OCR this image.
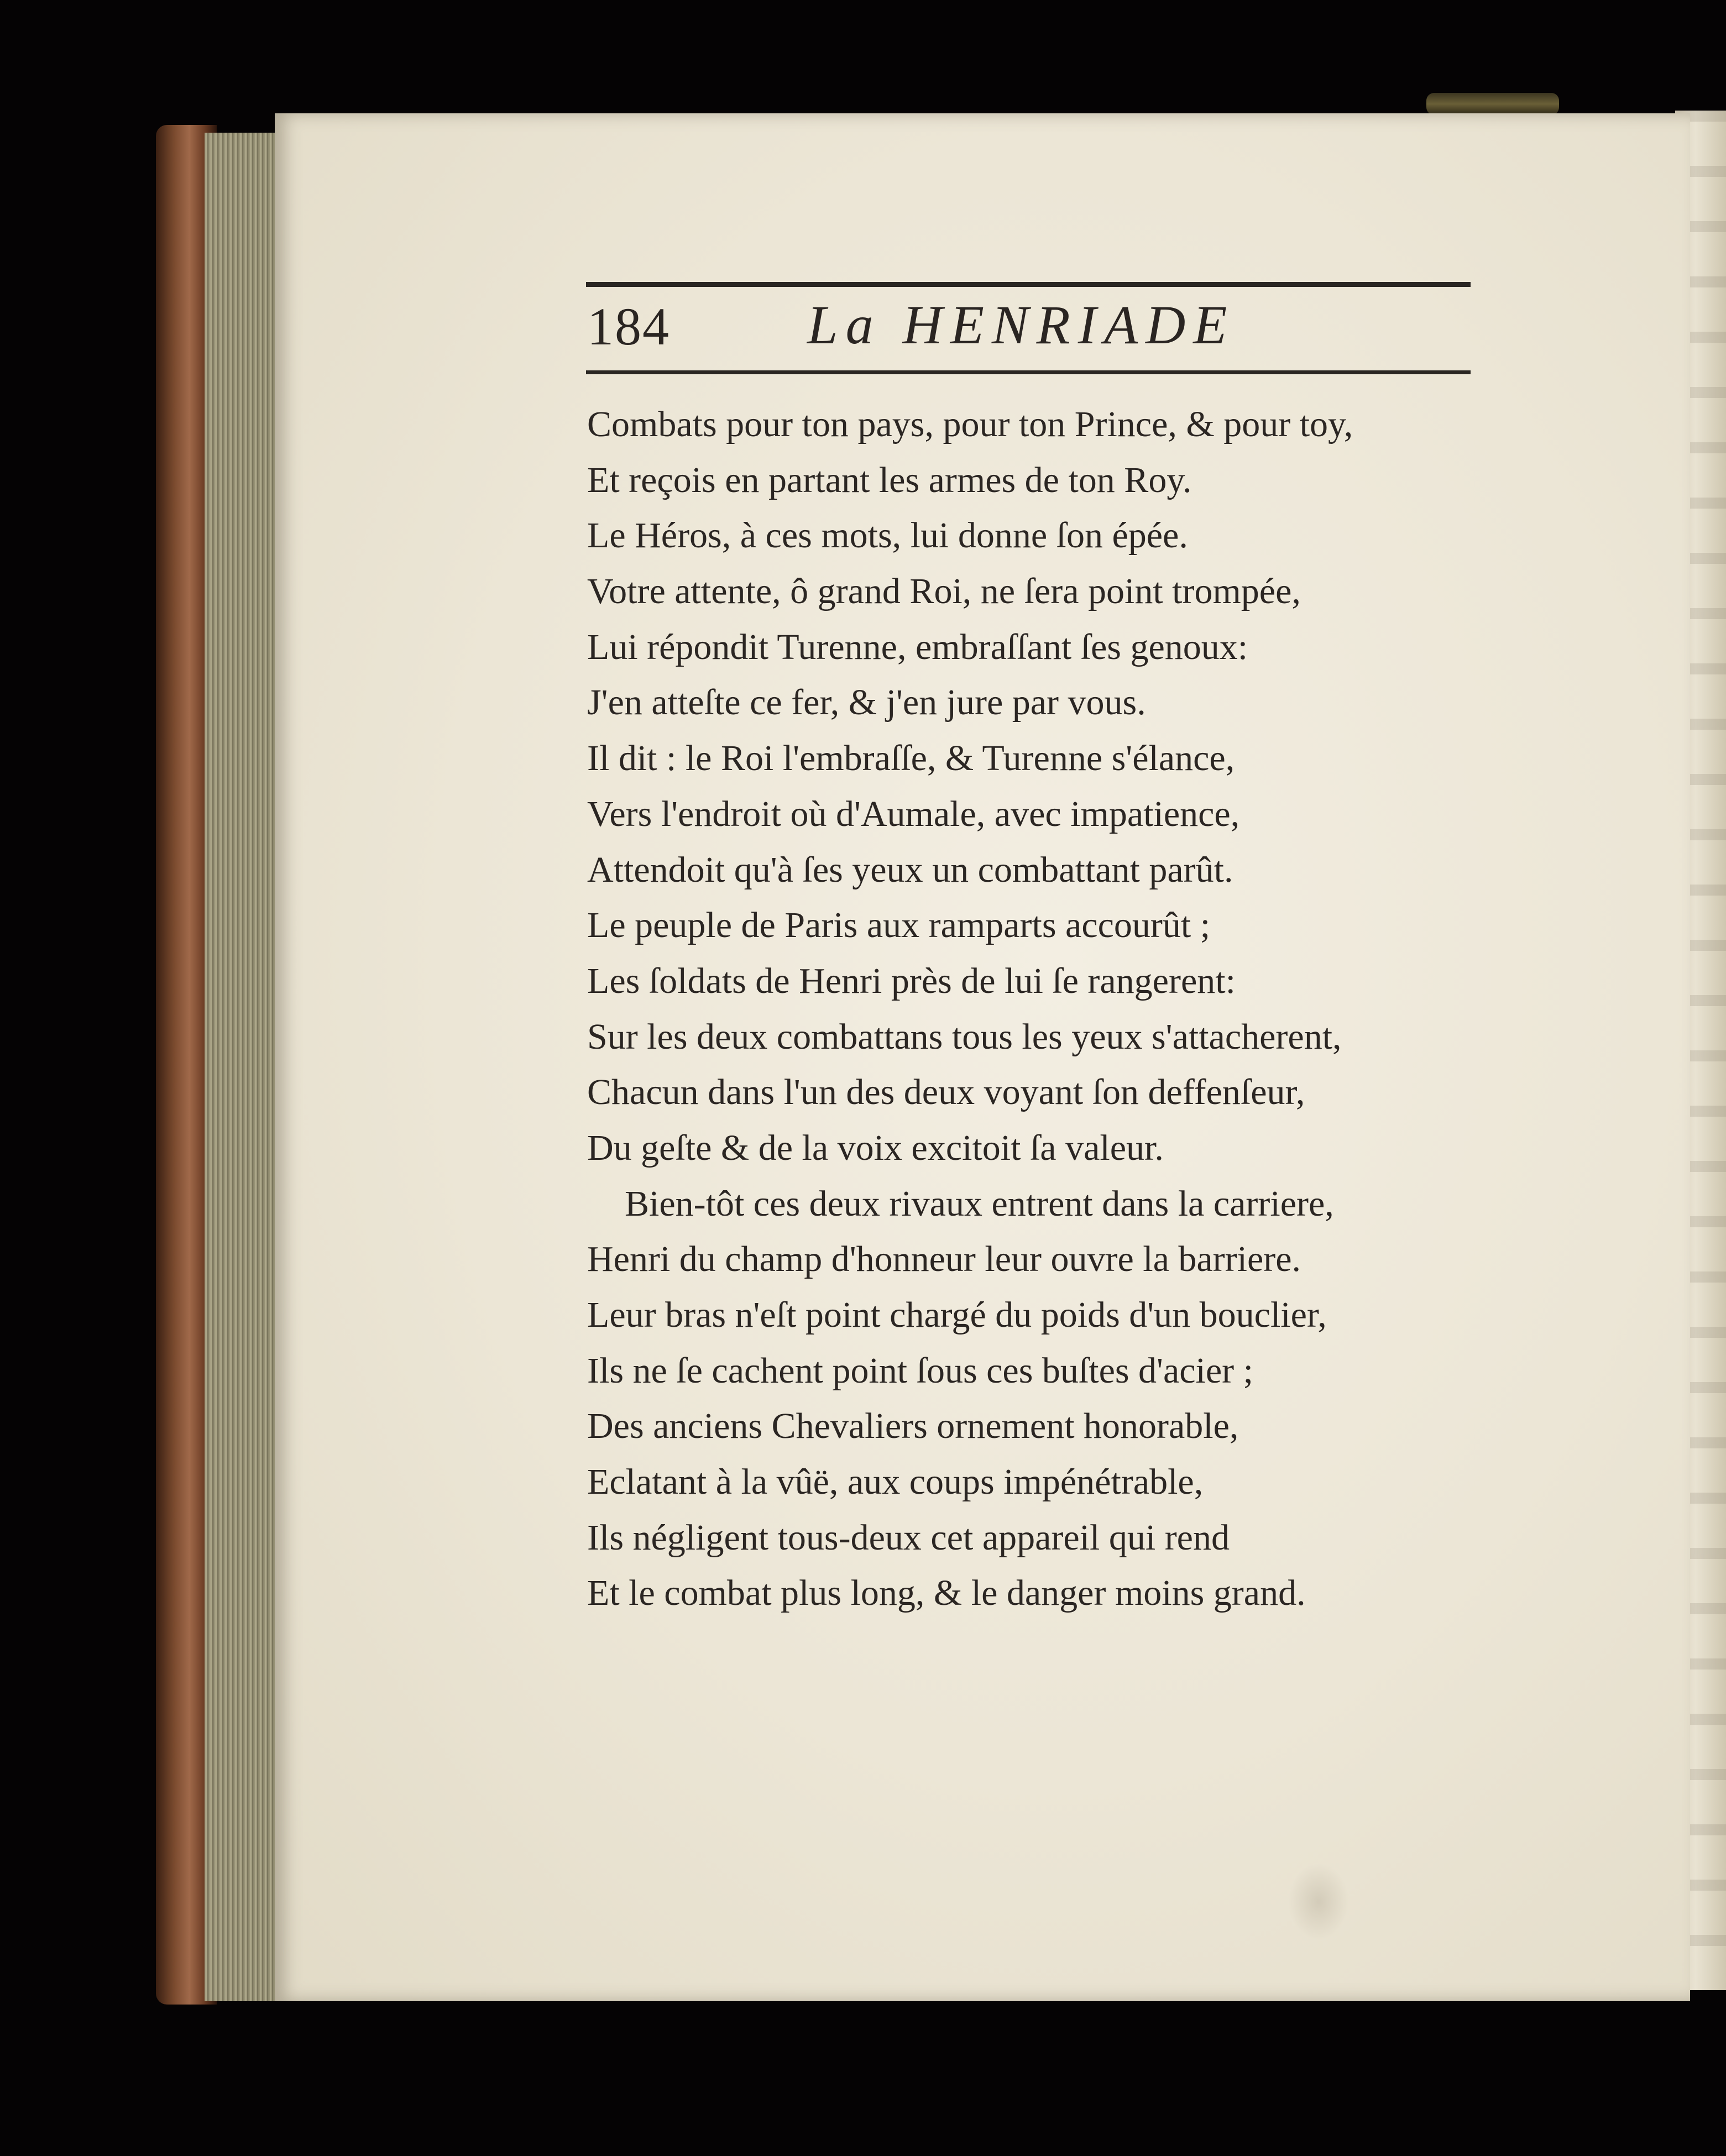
184 La HENRIADE
Combats pour ton pays, pour ton Prince, & pour toy,
Et reçois en partant les armes de ton Roy.
Le Héros, à ces mots, lui donne ſon épée.
Votre attente, ô grand Roi, ne ſera point trompée,
Lui répondit Turenne, embraſſant ſes genoux:
J'en atteſte ce fer, & j'en jure par vous.
Il dit : le Roi l'embraſſe, & Turenne s'élance,
Vers l'endroit où d'Aumale, avec impatience,
Attendoit qu'à ſes yeux un combattant parût.
Le peuple de Paris aux ramparts accourût ;
Les ſoldats de Henri près de lui ſe rangerent:
Sur les deux combattans tous les yeux s'attacherent,
Chacun dans l'un des deux voyant ſon deffenſeur,
Du geſte & de la voix excitoit ſa valeur.
Bien-tôt ces deux rivaux entrent dans la carriere,
Henri du champ d'honneur leur ouvre la barriere.
Leur bras n'eſt point chargé du poids d'un bouclier,
Ils ne ſe cachent point ſous ces buſtes d'acier ;
Des anciens Chevaliers ornement honorable,
Eclatant à la vûë, aux coups impénétrable,
Ils négligent tous-deux cet appareil qui rend
Et le combat plus long, & le danger moins grand.
